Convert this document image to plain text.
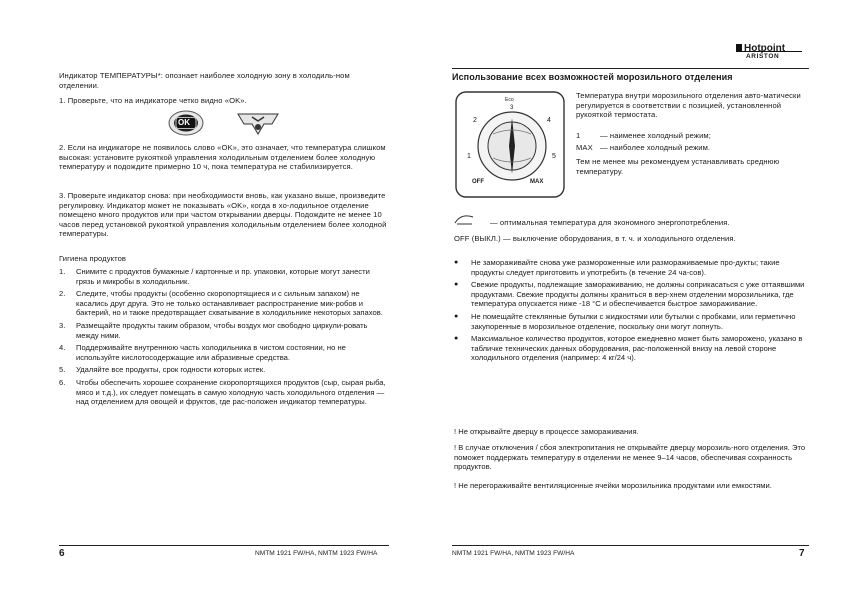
Индикатор ТЕМПЕРАТУРЫ*: опознает наиболее холодную зону в холодиль-ном отделении.
1. Проверьте, что на индикаторе четко видно «OK».
OK
2. Если на индикаторе не появилось слово «OK», это означает, что температура слишком высокая: установите рукояткой управления холодильным отделением более холодную температуру и подождите примерно 10 ч, пока температура не стабилизируется.
3. Проверьте индикатор снова: при необходимости вновь, как указано выше, произведите регулировку. Индикатор может не показывать «OK», когда в хо-лодильное отделение помещено много продуктов или при частом открывании дверцы. Подождите не менее 10 часов перед установкой рукояткой управления холодильным отделением более холодной температуры.
Гигиена продуктов
1. Снимите с продуктов бумажные / картонные и пр. упаковки, которые могут занести грязь и микробы в холодильник.
2. Следите, чтобы продукты (особенно скоропортящиеся и с сильным запахом) не касались друг друга. Это не только останавливает распространение мик-робов и бактерий, но и также предотвращает схватывание в холодильнике некоторых запахов.
3. Размещайте продукты таким образом, чтобы воздух мог свободно циркули-ровать между ними.
4. Поддерживайте внутреннюю часть холодильника в чистом состоянии, но не используйте кислотосодержащие или абразивные средства.
5. Удаляйте все продукты, срок годности которых истек.
6. Чтобы обеспечить хорошее сохранение скоропортящихся продуктов (сыр, сырая рыба, мясо и т.д.), их следует помещать в самую холодную часть холодильного отделения — над отделением для овощей и фруктов, где рас-положен индикатор температуры.
6	NMTM 1921 FW/HA, NMTM 1923 FW/HA
Hotpoint
ARISTON
Использование всех возможностей морозильного отделения
1
2
3
4
5
OFF	MAX
Eco	Температура внутри морозильного отделения авто-матически регулируется в соответствии с позицией, установленной рукояткой термостата.
1	— наименее холодный режим;
MAX — наиболее холодный режим.
Тем не менее мы рекомендуем устанавливать среднюю температуру.
— оптимальная температура для экономного энергопотребления.
OFF (ВЫКЛ.) — выключение оборудования, в т. ч. и холодильного отделения.
● Не замораживайте снова уже размороженные или размораживаемые про-дукты; такие продукты следует приготовить и употребить (в течение 24 ча-сов).
● Свежие продукты, подлежащие замораживанию, не должны соприкасаться с уже оттаявшими продуктами. Свежие продукты должны храниться в вер-хнем отделении морозильника, где температура опускается ниже -18 °C и обеспечивается быстрое замораживание.
● Не помещайте стеклянные бутылки с жидкостями или бутылки с пробками, или герметично закупоренные в морозильное отделение, поскольку они могут лопнуть.
● Максимальное количество продуктов, которое ежедневно может быть заморожено, указано в табличке технических данных оборудования, рас-положенной внизу на левой стороне холодильного отделения (например: 4 кг/24 ч).
! Не открывайте дверцу в процессе замораживания.
! В случае отключения / сбоя электропитания не открывайте дверцу морозиль-ного отделения. Это поможет поддержать температуру в отделении не менее 9–14 часов, обеспечивая сохранность продуктов.
! Не перегораживайте вентиляционные ячейки морозильника продуктами или емкостями.
NMTM 1921 FW/HA, NMTM 1923 FW/HA	7
